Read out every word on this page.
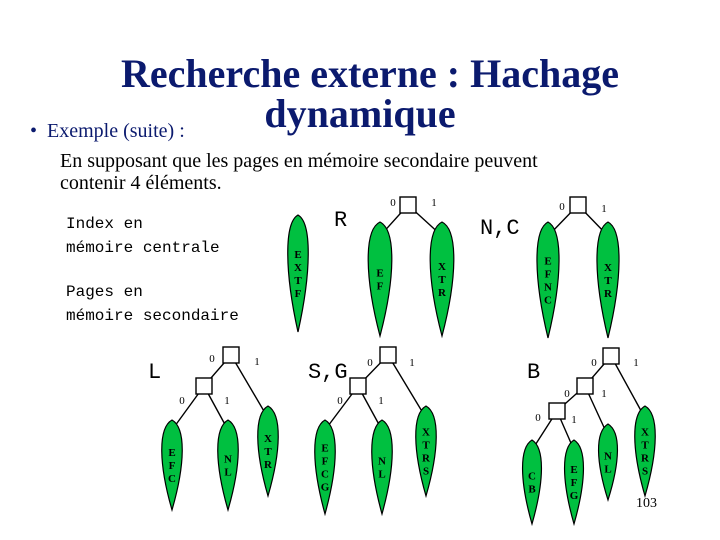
Recherche externe : Hachage
dynamique
• Exemple (suite) :
En supposant que les pages en mémoire secondaire peuvent
contenir 4 éléments.
Index en
mémoire centrale
Pages en
mémoire secondaire
R	N,C
L	S,G	B
E
X
T
F
E
F
X
T
R
E
F
N
C
X
T
R
E
F
C
N
L
X
T
R
E
F
C
G
N
L
X
T
R
S	C
B
E
F
G
N
L
X
T
R
S
0	1	0	1
0	1
0	1
0	1
0	1
0	1
0	1
0	1
103
